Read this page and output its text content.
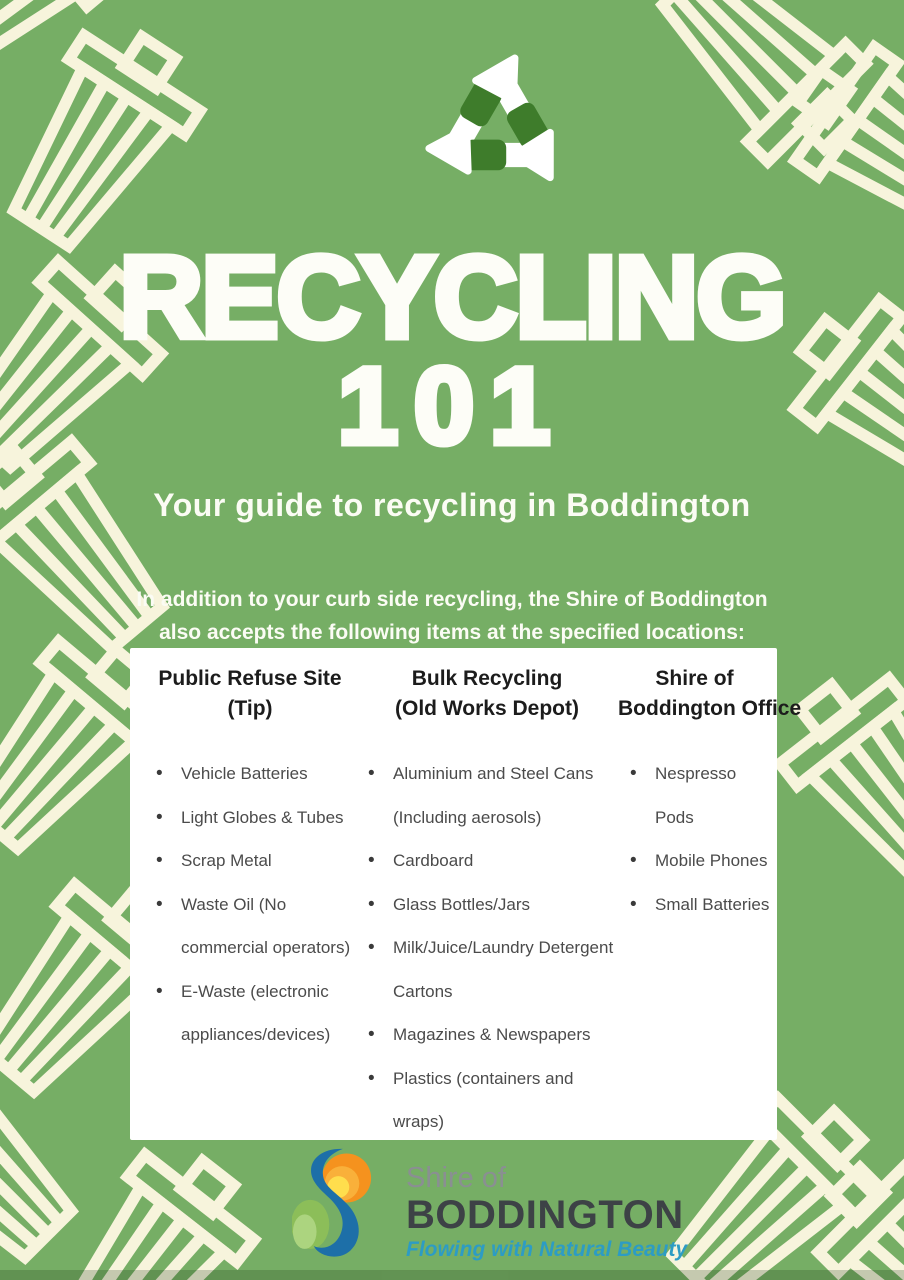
RECYCLING
101
Your guide to recycling in Boddington
In addition to your curb side recycling, the Shire of Boddington
also accepts the following items at the specified locations:
Public Refuse Site
(Tip)
• Vehicle Batteries
• Light Globes & Tubes
• Scrap Metal
• Waste Oil (No commercial operators)
• E-Waste (electronic appliances/devices)
Bulk Recycling
(Old Works Depot)
• Aluminium and Steel Cans (Including aerosols)
• Cardboard
• Glass Bottles/Jars
• Milk/Juice/Laundry Detergent Cartons
• Magazines & Newspapers
• Plastics (containers and wraps)
Shire of
Boddington Office
• Nespresso Pods
• Mobile Phones
• Small Batteries
Shire of
BODDINGTON
Flowing with Natural Beauty
